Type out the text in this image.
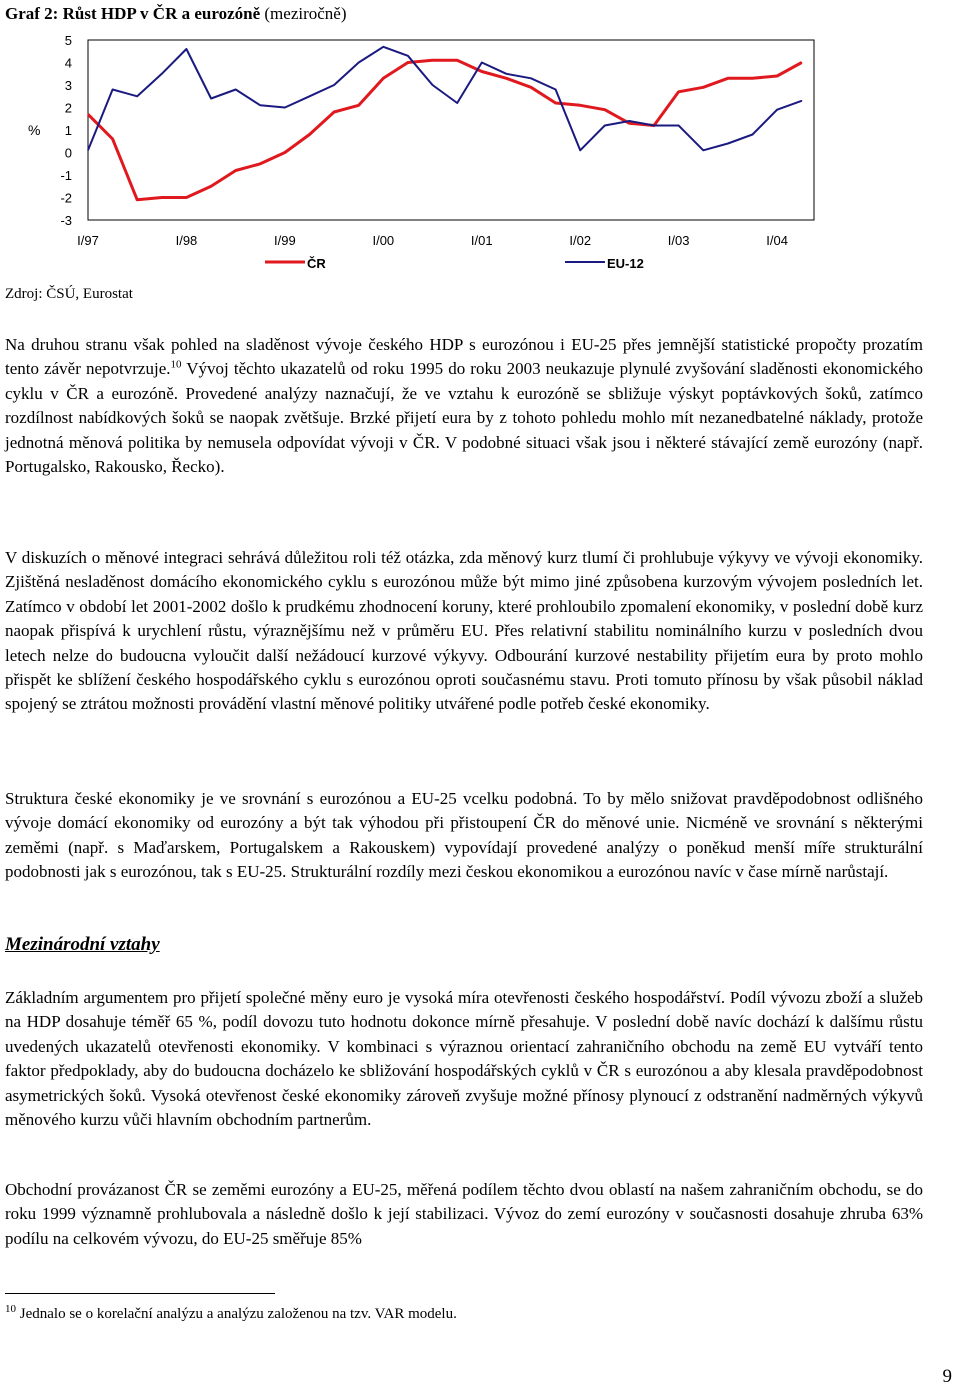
Graf 2: Růst HDP v ČR a eurozóně (meziročně)
5
4
3
2
1
0
-1
-2
-3
%
I/97	I/98	I/99	I/00	I/01	I/02	I/03	I/04
ČR	EU-12
Zdroj: ČSÚ, Eurostat

Na druhou stranu však pohled na sladěnost vývoje českého HDP s eurozónou i EU-25 přes jemnější statistické propočty prozatím tento závěr nepotvrzuje.$^{10}$ Vývoj těchto ukazatelů od roku 1995 do roku 2003 neukazuje plynulé zvyšování sladěnosti ekonomického cyklu v ČR a eurozóně. Provedené analýzy naznačují, že ve vztahu k eurozóně se sbližuje výskyt poptávkových šoků, zatímco rozdílnost nabídkových šoků se naopak zvětšuje. Brzké přijetí eura by z tohoto pohledu mohlo mít nezanedbatelné náklady, protože jednotná měnová politika by nemusela odpovídat vývoji v ČR. V podobné situaci však jsou i některé stávající země eurozóny (např. Portugalsko, Rakousko, Řecko).

V diskuzích o měnové integraci sehrává důležitou roli též otázka, zda měnový kurz tlumí či prohlubuje výkyvy ve vývoji ekonomiky. Zjištěná nesladěnost domácího ekonomického cyklu s eurozónou může být mimo jiné způsobena kurzovým vývojem posledních let. Zatímco v období let 2001-2002 došlo k prudkému zhodnocení koruny, které prohloubilo zpomalení ekonomiky, v poslední době kurz naopak přispívá k urychlení růstu, výraznějšímu než v průměru EU. Přes relativní stabilitu nominálního kurzu v posledních dvou letech nelze do budoucna vyloučit další nežádoucí kurzové výkyvy. Odbourání kurzové nestability přijetím eura by proto mohlo přispět ke sblížení českého hospodářského cyklu s eurozónou oproti současnému stavu. Proti tomuto přínosu by však působil náklad spojený se ztrátou možnosti provádění vlastní měnové politiky utvářené podle potřeb české ekonomiky.

Struktura české ekonomiky je ve srovnání s eurozónou a EU-25 vcelku podobná. To by mělo snižovat pravděpodobnost odlišného vývoje domácí ekonomiky od eurozóny a být tak výhodou při přistoupení ČR do měnové unie. Nicméně ve srovnání s některými zeměmi (např. s Maďarskem, Portugalskem a Rakouskem) vypovídají provedené analýzy o poněkud menší míře strukturální podobnosti jak s eurozónou, tak s EU-25. Strukturální rozdíly mezi českou ekonomikou a eurozónou navíc v čase mírně narůstají.

Mezinárodní vztahy

Základním argumentem pro přijetí společné měny euro je vysoká míra otevřenosti českého hospodářství. Podíl vývozu zboží a služeb na HDP dosahuje téměř 65 %, podíl dovozu tuto hodnotu dokonce mírně přesahuje. V poslední době navíc dochází k dalšímu růstu uvedených ukazatelů otevřenosti ekonomiky. V kombinaci s výraznou orientací zahraničního obchodu na země EU vytváří tento faktor předpoklady, aby do budoucna docházelo ke sbližování hospodářských cyklů v ČR s eurozónou a aby klesala pravděpodobnost asymetrických šoků. Vysoká otevřenost české ekonomiky zároveň zvyšuje možné přínosy plynoucí z odstranění nadměrných výkyvů měnového kurzu vůči hlavním obchodním partnerům.

Obchodní provázanost ČR se zeměmi eurozóny a EU-25, měřená podílem těchto dvou oblastí na našem zahraničním obchodu, se do roku 1999 významně prohlubovala a následně došlo k její stabilizaci. Vývoz do zemí eurozóny v současnosti dosahuje zhruba 63% podílu na celkovém vývozu, do EU-25 směřuje 85%

$^{10}$ Jednalo se o korelační analýzu a analýzu založenou na tzv. VAR modelu.

9
